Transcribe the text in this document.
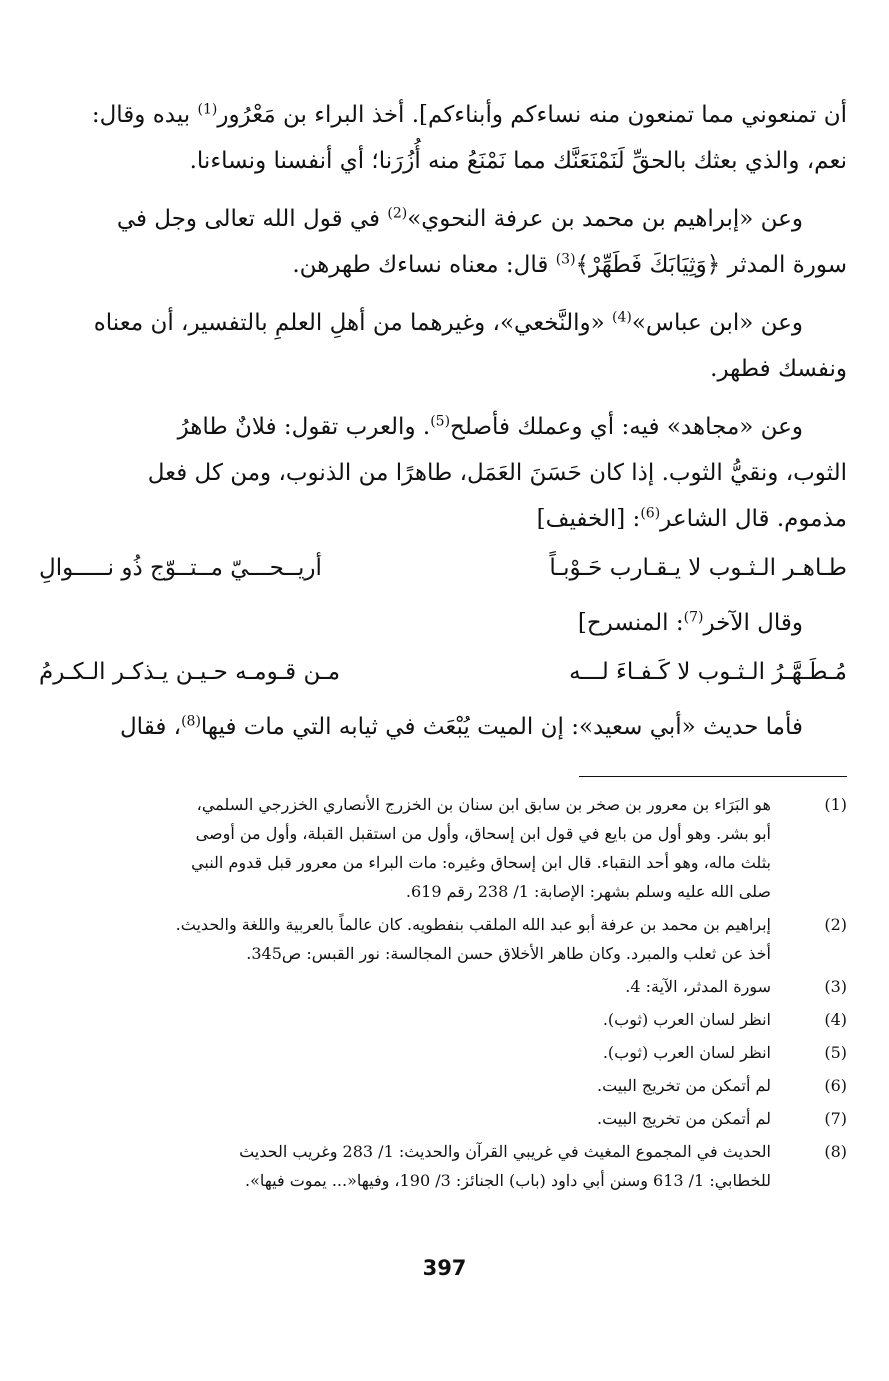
أن تمنعوني مما تمنعون منه نساءكم وأبناءكم]. أخذ البراء بن مَعْرُور$^{(1)}$ بيده وقال:
نعم، والذي بعثك بالحقِّ لَنَمْنَعَنَّك مما نَمْنَعُ منه أُزُرَنا؛ أي أنفسنا ونساءنا.
وعن «إبراهيم بن محمد بن عرفة النحوي»$^{(2)}$ في قول الله تعالى وجل في
سورة المدثر ﴿وَثِيَابَكَ فَطَهِّرْ﴾$^{(3)}$ قال: معناه نساءك طهرهن.
وعن «ابن عباس»$^{(4)}$ «والنَّخعي»، وغيرهما من أهلِ العلمِ بالتفسير، أن معناه
ونفسك فطهر.
وعن «مجاهد» فيه: أي وعملك فأصلح$^{(5)}$. والعرب تقول: فلانٌ طاهرُ
الثوب، ونقيُّ الثوب. إذا كان حَسَنَ العَمَل، طاهرًا من الذنوب، ومن كل فعل
مذموم. قال الشاعر$^{(6)}$: [الخفيف]
طـاهـر الـثـوب لا يـقـارب حَـوْبـاً
أريــحـــيّ مــتــوّج ذُو نـــــوالِ
وقال الآخر$^{(7)}$: المنسرح]
مُـطَـهَّـرُ الـثـوب لا كَـفـاءَ لـــه
مـن قـومـه حـيـن يـذكـر الـكـرمُ
فأما حديث «أبي سعيد»: إن الميت يُبْعَث في ثيابه التي مات فيها$^{(8)}$، فقال
(1)
هو البَرَاء بن معرور بن صخر بن سابق ابن سنان بن الخزرج الأنصاري الخزرجي السلمي،
أبو بشر. وهو أول من بايع في قول ابن إسحاق، وأول من استقبل القبلة، وأول من أوصى
بثلث ماله، وهو أحد النقباء. قال ابن إسحاق وغيره: مات البراء من معرور قبل قدوم النبي
صلى الله عليه وسلم بشهر: الإصابة: 1/ 238 رقم 619.
(2)
إبراهيم بن محمد بن عرفة أبو عبد الله الملقب بنفطويه. كان عالماً بالعربية واللغة والحديث.
أخذ عن ثعلب والمبرد. وكان طاهر الأخلاق حسن المجالسة: نور القبس: ص345.
(3)
سورة المدثر، الآية: 4.
(4)
انظر لسان العرب (ثوب).
(5)
انظر لسان العرب (ثوب).
(6)
لم أتمكن من تخريج البيت.
(7)
لم أتمكن من تخريج البيت.
(8)
الحديث في المجموع المغيث في غريبي القرآن والحديث: 1/ 283 وغريب الحديث
للخطابي: 1/ 613 وسنن أبي داود (باب) الجنائز: 3/ 190، وفيها«... يموت فيها».
397
